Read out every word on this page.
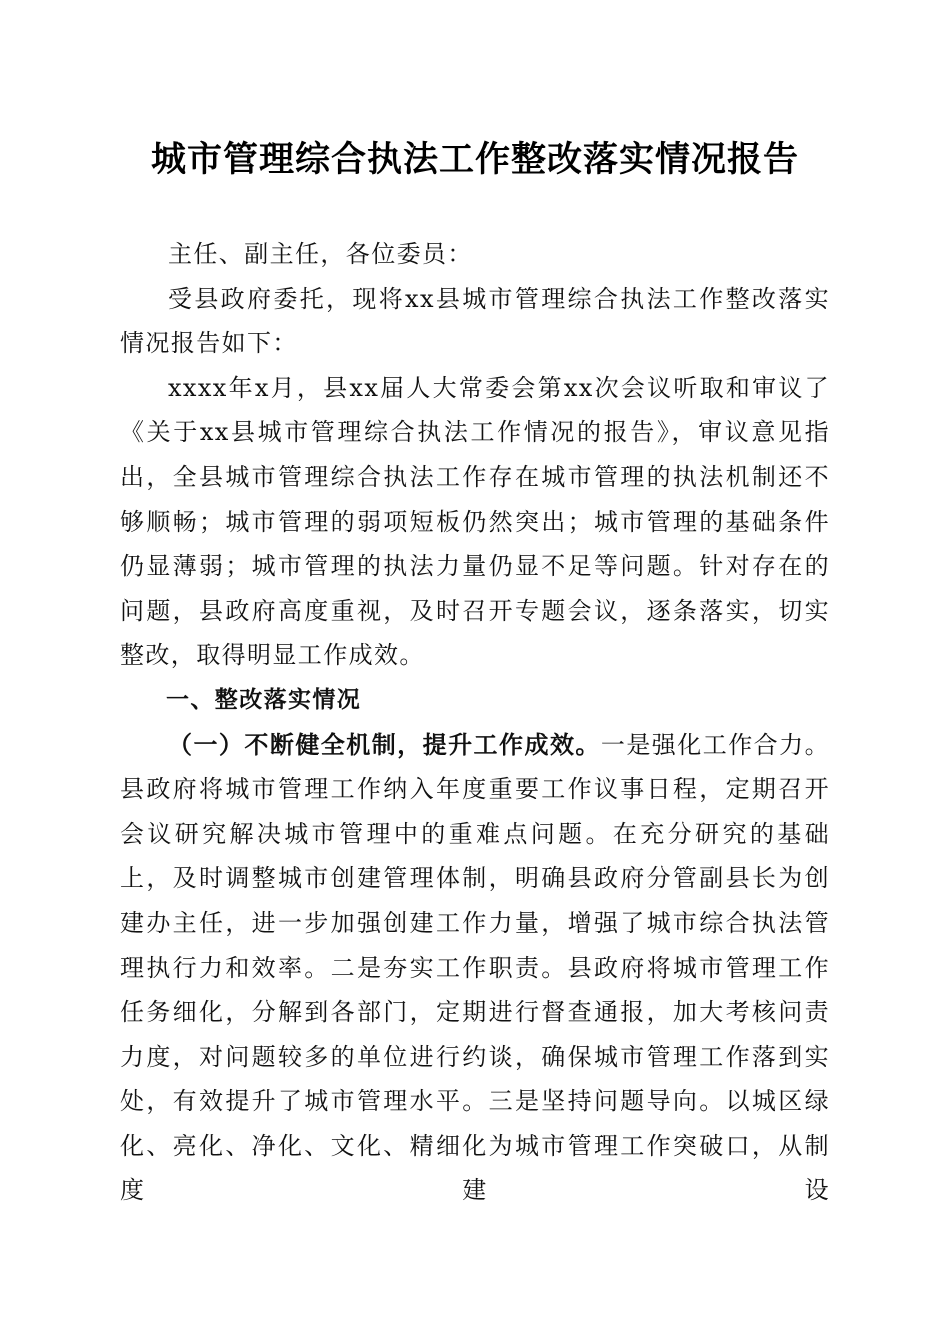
城市管理综合执法工作整改落实情况报告

主任、副主任，各位委员：

受县政府委托，现将xx县城市管理综合执法工作整改落实情况报告如下：

xxxx年x月，县xx届人大常委会第xx次会议听取和审议了《关于xx县城市管理综合执法工作情况的报告》，审议意见指出，全县城市管理综合执法工作存在城市管理的执法机制还不够顺畅；城市管理的弱项短板仍然突出；城市管理的基础条件仍显薄弱；城市管理的执法力量仍显不足等问题。针对存在的问题，县政府高度重视，及时召开专题会议，逐条落实，切实整改，取得明显工作成效。

一、整改落实情况

（一）不断健全机制，提升工作成效。一是强化工作合力。县政府将城市管理工作纳入年度重要工作议事日程，定期召开会议研究解决城市管理中的重难点问题。在充分研究的基础上，及时调整城市创建管理体制，明确县政府分管副县长为创建办主任，进一步加强创建工作力量，增强了城市综合执法管理执行力和效率。二是夯实工作职责。县政府将城市管理工作任务细化，分解到各部门，定期进行督查通报，加大考核问责力度，对问题较多的单位进行约谈，确保城市管理工作落到实处，有效提升了城市管理水平。三是坚持问题导向。以城区绿化、亮化、净化、文化、精细化为城市管理工作突破口，从制度建设
